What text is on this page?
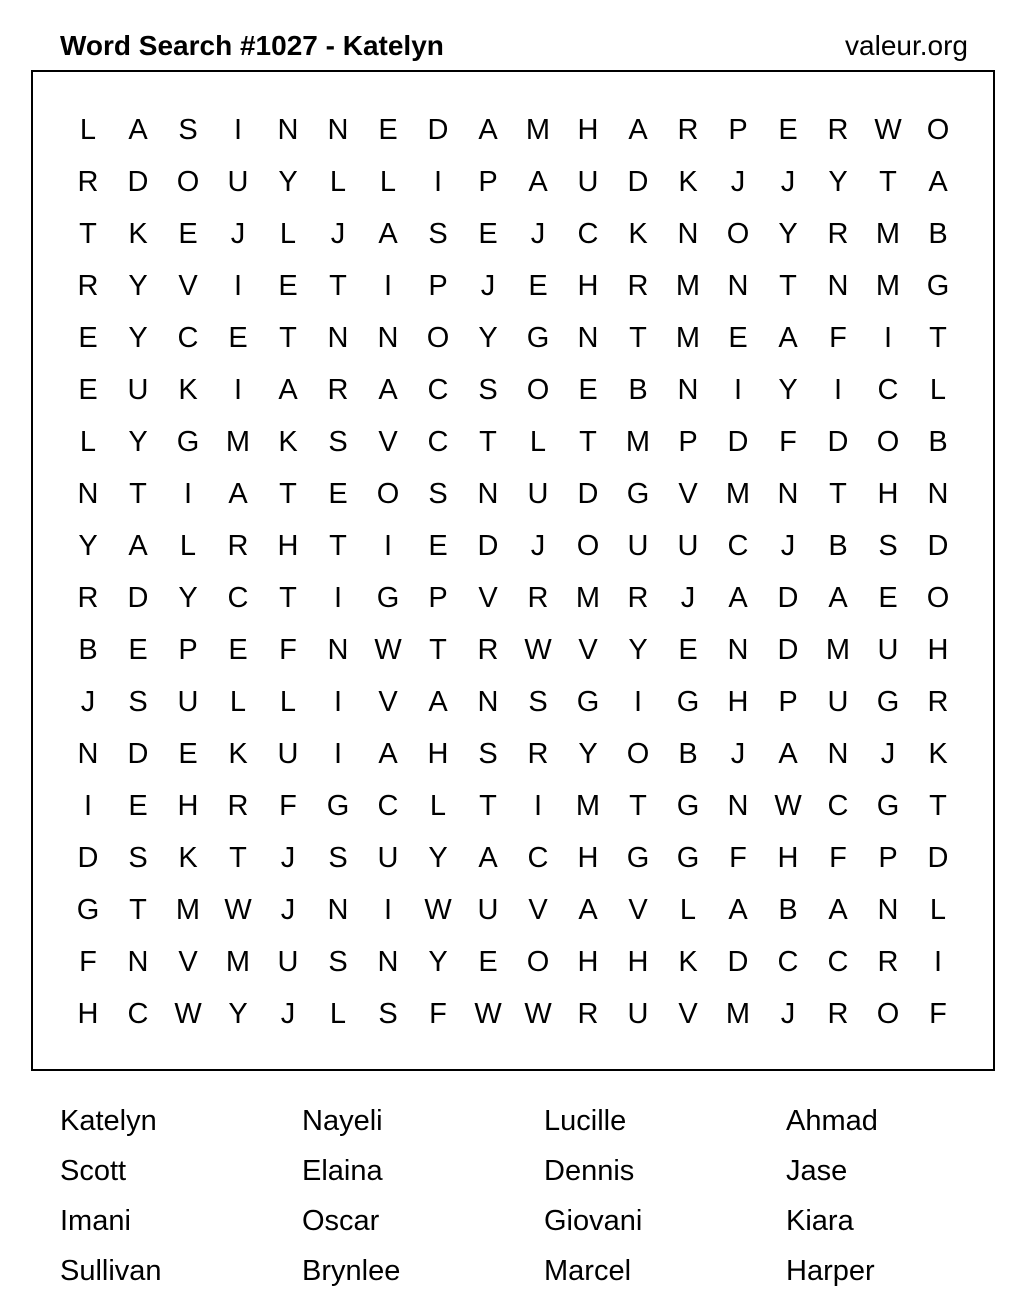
Word Search #1027 - Katelyn	valeur.org
L	A	S	I	N	N	E	D	A M H	A	R	P	E	R W O
R	D O U	Y	L	L	I	P	A	U	D	K	J	J	Y	T	A
T	K	E	J	L	J	A	S	E	J	C	K	N O	Y	R M B
R	Y	V	I	E	T	I	P	J	E	H	R M N	T	N M G
E	Y	C	E	T	N	N O	Y	G N	T	M E	A	F	I	T
E	U	K	I	A	R	A	C	S	O	E	B	N	I	Y	I	C	L
L	Y	G M K	S	V	C	T	L	T	M P	D	F	D O	B
N	T	I	A	T	E	O	S	N	U	D G	V M N	T	H	N
Y	A	L	R	H	T	I	E	D	J	O U	U	C	J	B	S	D
R	D	Y	C	T	I	G	P	V	R M R	J	A	D	A	E	O
B	E	P	E	F	N W T	R W V	Y	E	N	D M U	H
J	S	U	L	L	I	V	A	N	S	G	I	G H	P	U G R
N	D	E	K	U	I	A	H	S	R	Y	O	B	J	A	N	J	K
I	E	H	R	F	G C	L	T	I	M	T	G N W C G	T
D	S	K	T	J	S	U	Y	A	C	H G G	F	H	F	P	D
G	T	M W	J	N	I	W U	V	A	V	L	A	B	A	N	L
F	N	V M U	S	N	Y	E	O H	H	K	D	C	C	R	I
H	C W Y	J	L	S	F W W R	U	V M	J	R O	F
Katelyn	Nayeli	Lucille	Ahmad
Scott	Elaina	Dennis	Jase
Imani	Oscar	Giovani	Kiara
Sullivan	Brynlee	Marcel	Harper
